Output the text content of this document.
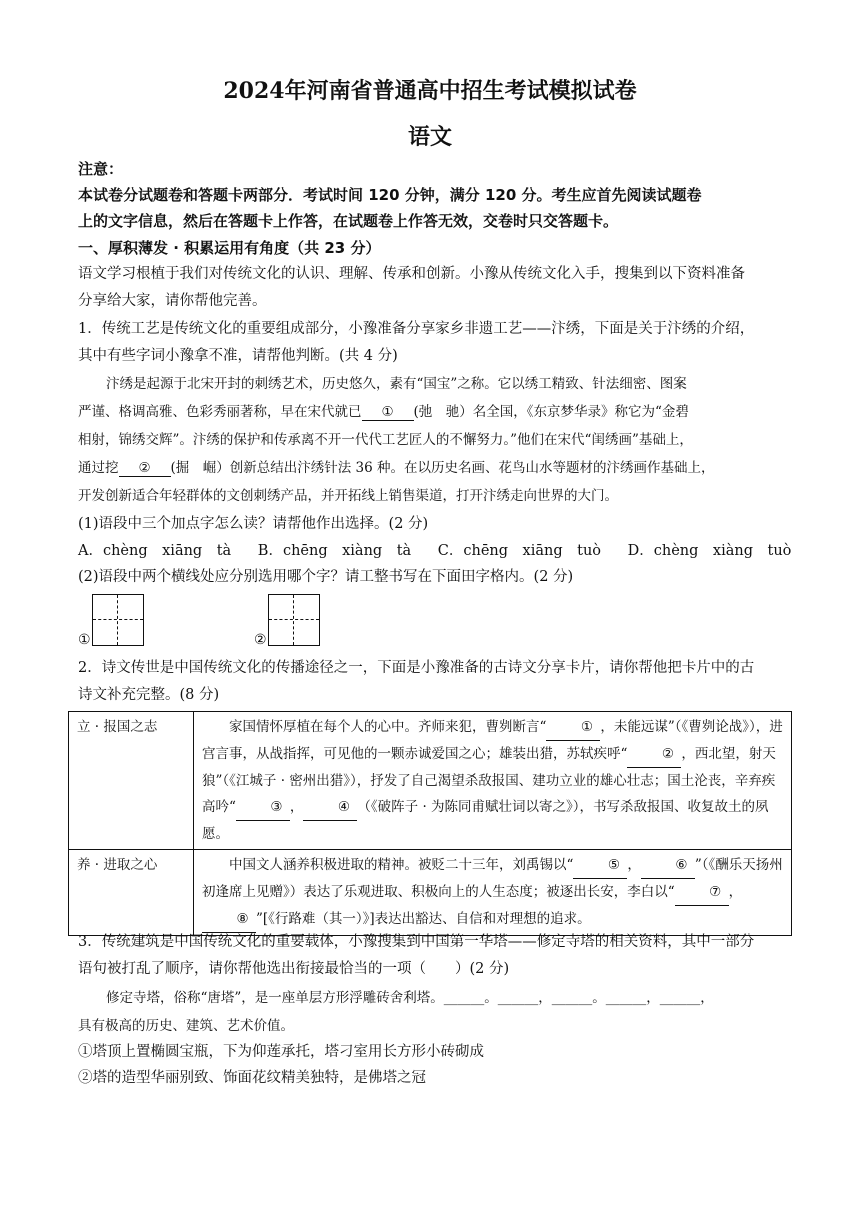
2024年河南省普通高中招生考试模拟试卷
语文
注意：
本试卷分试题卷和答题卡两部分．考试时间 120 分钟，满分 120 分。考生应首先阅读试题卷
上的文字信息，然后在答题卡上作答，在试题卷上作答无效，交卷时只交答题卡。
一、厚积薄发 · 积累运用有角度（共 23 分）
语文学习根植于我们对传统文化的认识、理解、传承和创新。小豫从传统文化入手，搜集到以下资料准备
分享给大家，请你帮他完善。
1．传统工艺是传统文化的重要组成部分，小豫准备分享家乡非遗工艺——汴绣，下面是关于汴绣的介绍，
其中有些字词小豫拿不准，请帮他判断。(共 4 分)
汴绣是起源于北宋开封的刺绣艺术，历史悠久，素有“国宝”之称。它以绣工精致、针法细密、图案
严谨、格调高雅、色彩秀丽著称，早在宋代就已 ① (弛　驰）名全国，《东京梦华录》称它为“金碧
相射，锦绣交辉”。汴绣的保护和传承离不开一代代工艺匠人的不懈努力。”他们在宋代“闺绣画”基础上，
通过挖 ② (掘　崛）创新总结出汴绣针法 36 种。在以历史名画、花鸟山水等题材的汴绣画作基础上，
开发创新适合年轻群体的文创刺绣产品，并开拓线上销售渠道，打开汴绣走向世界的大门。
(1)语段中三个加点字怎么读？请帮他作出选择。(2 分)
A．chèng　xiāng　tà B．chēng　xiàng　tà C．chēng　xiāng　tuò D．chèng　xiàng　tuò
(2)语段中两个横线处应分别选用哪个字？请工整书写在下面田字格内。(2 分)
①	②
2．诗文传世是中国传统文化的传播途径之一，下面是小豫准备的古诗文分享卡片，请你帮他把卡片中的古
诗文补充完整。(8 分)
立 · 报国之志	家国情怀厚植在每个人的心中。齐师来犯，曹刿断言“ ① ，未能远谋”（《曹刿论战》），进宫言事，从战指挥，可见他的一颗赤诚爱国之心；雄装出猎，苏轼疾呼“ ② ，西北望，射天狼”（《江城子 · 密州出猎》），抒发了自己渴望杀敌报国、建功立业的雄心壮志；国土沦丧，辛弃疾高吟“ ③ ， ④ （《破阵子 · 为陈同甫赋壮词以寄之》），书写杀敌报国、收复故土的夙愿。
养 · 进取之心	中国文人涵养积极进取的精神。被贬二十三年，刘禹锡以“ ⑤ ， ⑥ ”（《酬乐天扬州初逢席上见赠》）表达了乐观进取、积极向上的人生态度；被逐出长安，李白以“ ⑦ ，⑧ ”[《行路难（其一）》]表达出豁达、自信和对理想的追求。
3．传统建筑是中国传统文化的重要载体，小豫搜集到中国第一华塔——修定寺塔的相关资料，其中一部分
语句被打乱了顺序，请你帮他选出衔接最恰当的一项（　　）(2 分)
修定寺塔，俗称“唐塔”，是一座单层方形浮雕砖舍利塔。______。______，______。______，______，
具有极高的历史、建筑、艺术价值。
①塔顶上置椭圆宝瓶，下为仰莲承托，塔刁室用长方形小砖砌成
②塔的造型华丽别致、饰面花纹精美独特，是佛塔之冠
